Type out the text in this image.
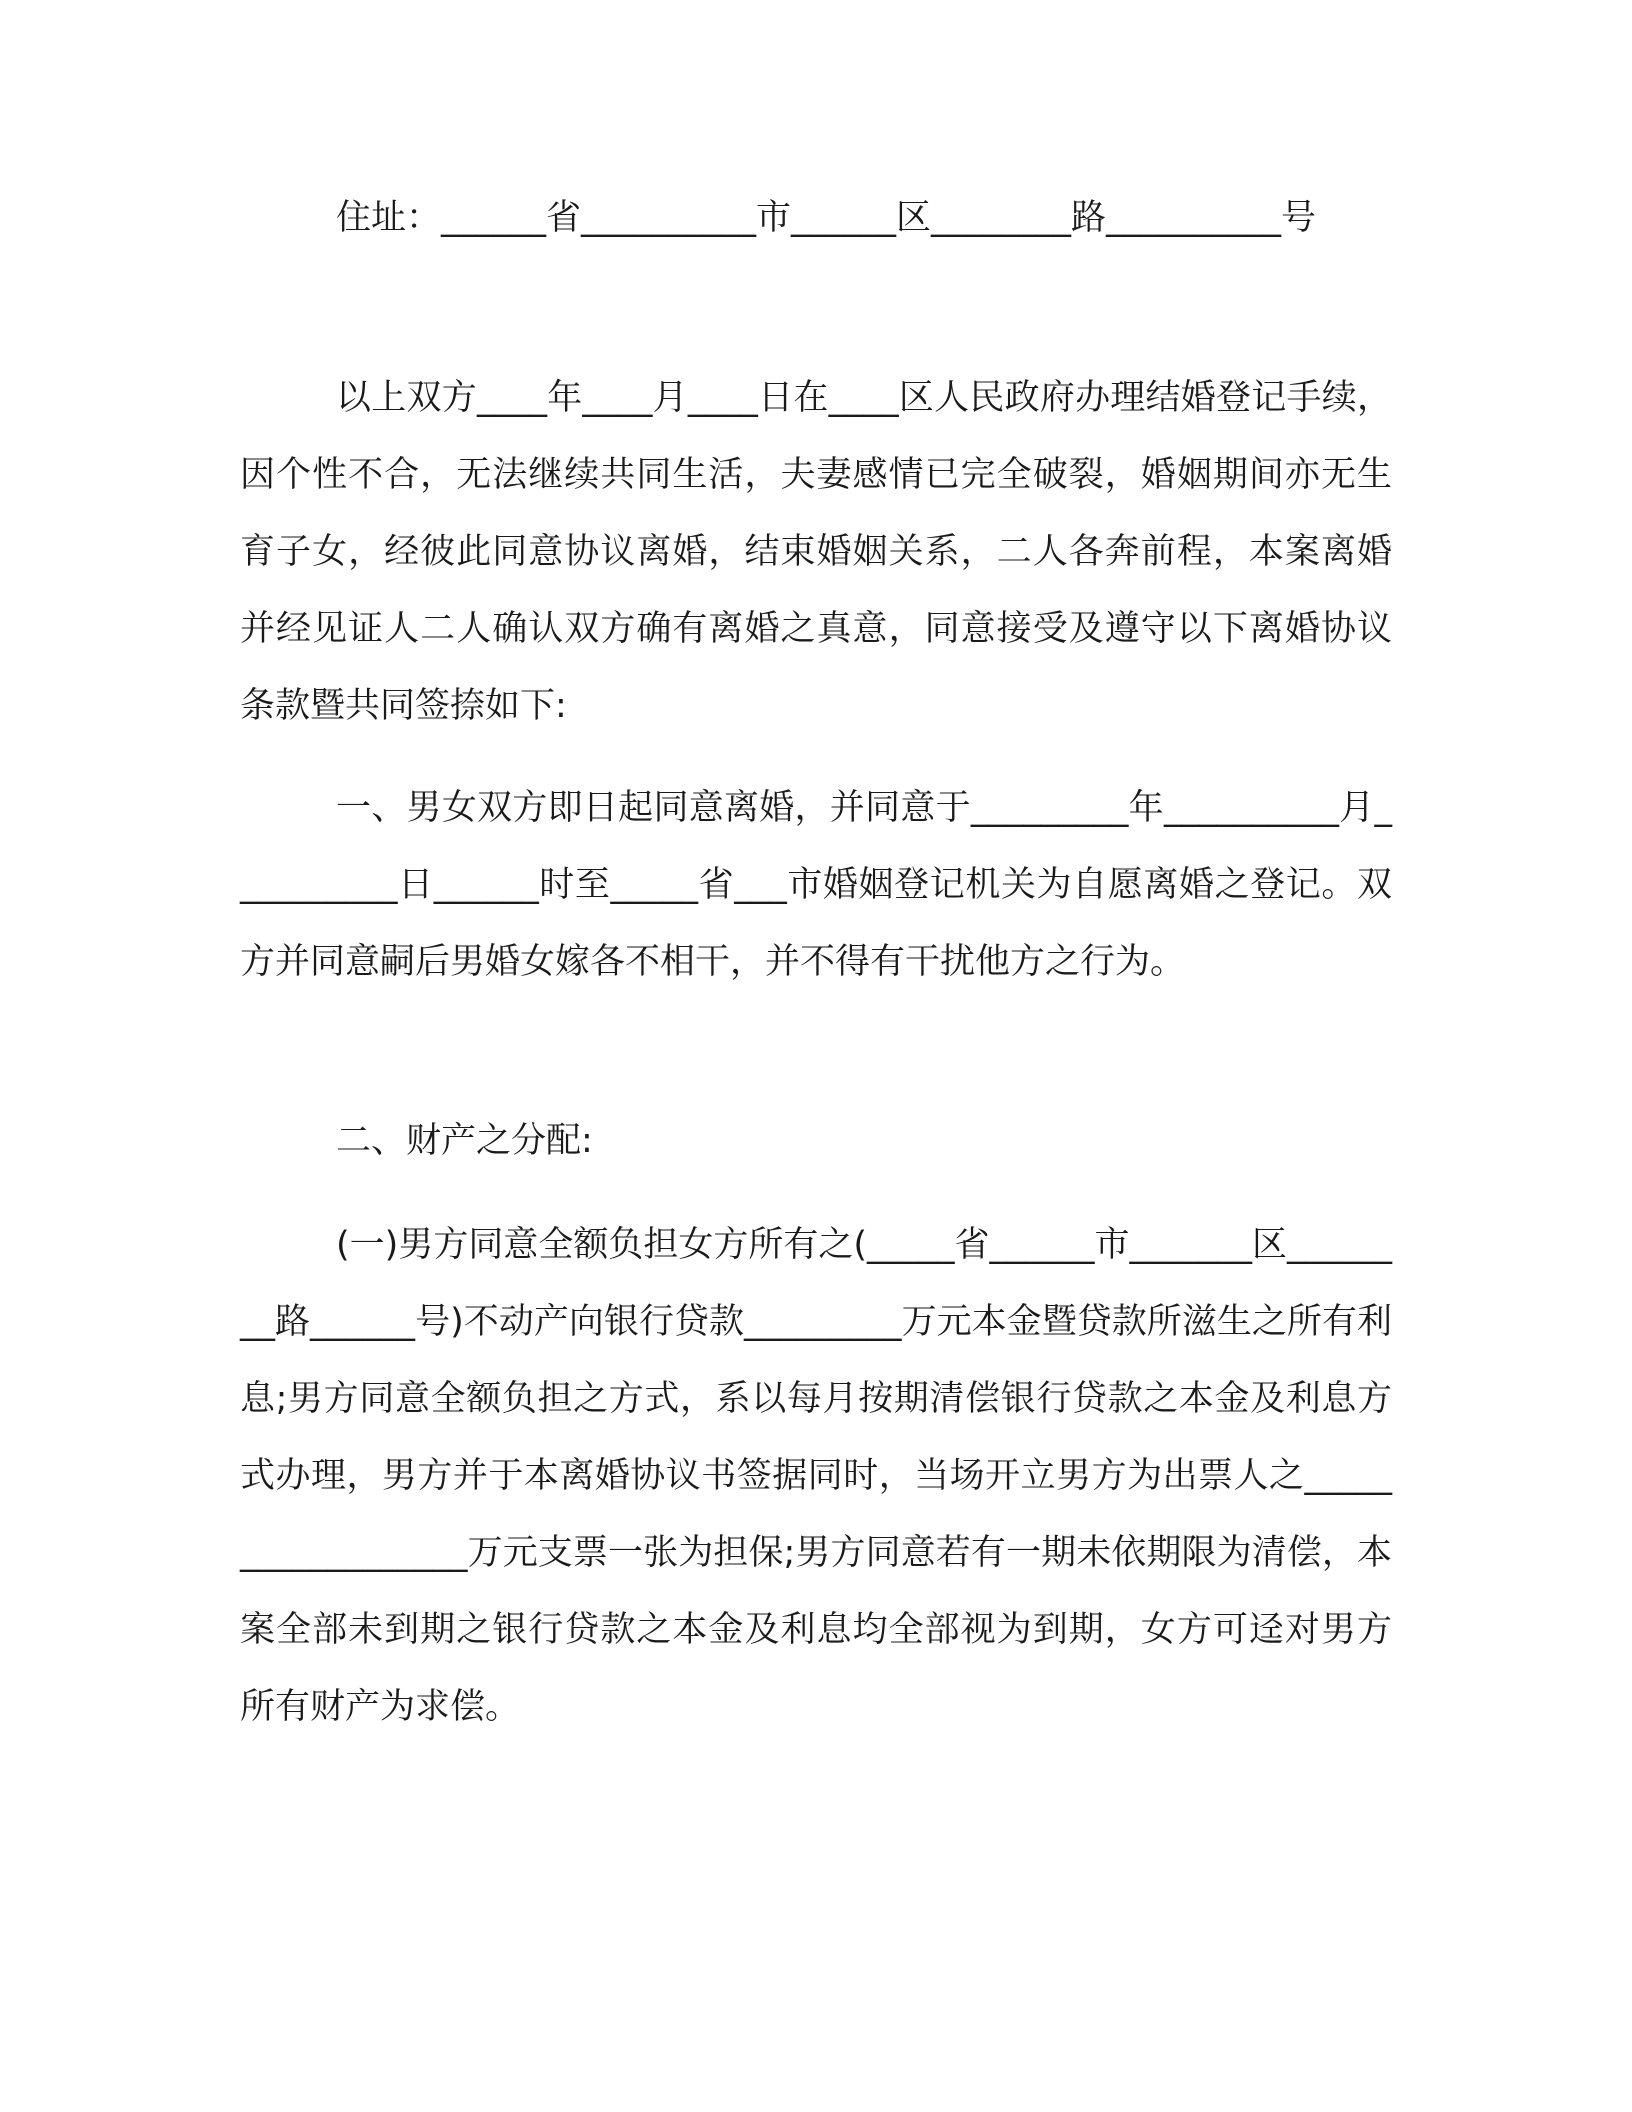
住址：______省__________市______区________路__________号

以上双方____年____月____日在____区人民政府办理结婚登记手续，因个性不合，无法继续共同生活，夫妻感情已完全破裂，婚姻期间亦无生育子女，经彼此同意协议离婚，结束婚姻关系，二人各奔前程，本案离婚并经见证人二人确认双方确有离婚之真意，同意接受及遵守以下离婚协议条款暨共同签捺如下:

一、男女双方即日起同意离婚，并同意于_________年__________月__________日______时至_____省___市婚姻登记机关为自愿离婚之登记。双方并同意嗣后男婚女嫁各不相干，并不得有干扰他方之行为。

二、财产之分配:

(一)男方同意全额负担女方所有之(_____省______市_______区________路______号)不动产向银行贷款_________万元本金暨贷款所滋生之所有利息;男方同意全额负担之方式，系以每月按期清偿银行贷款之本金及利息方式办理，男方并于本离婚协议书签据同时，当场开立男方为出票人之__________________万元支票一张为担保;男方同意若有一期未依期限为清偿，本案全部未到期之银行贷款之本金及利息均全部视为到期，女方可迳对男方所有财产为求偿。
